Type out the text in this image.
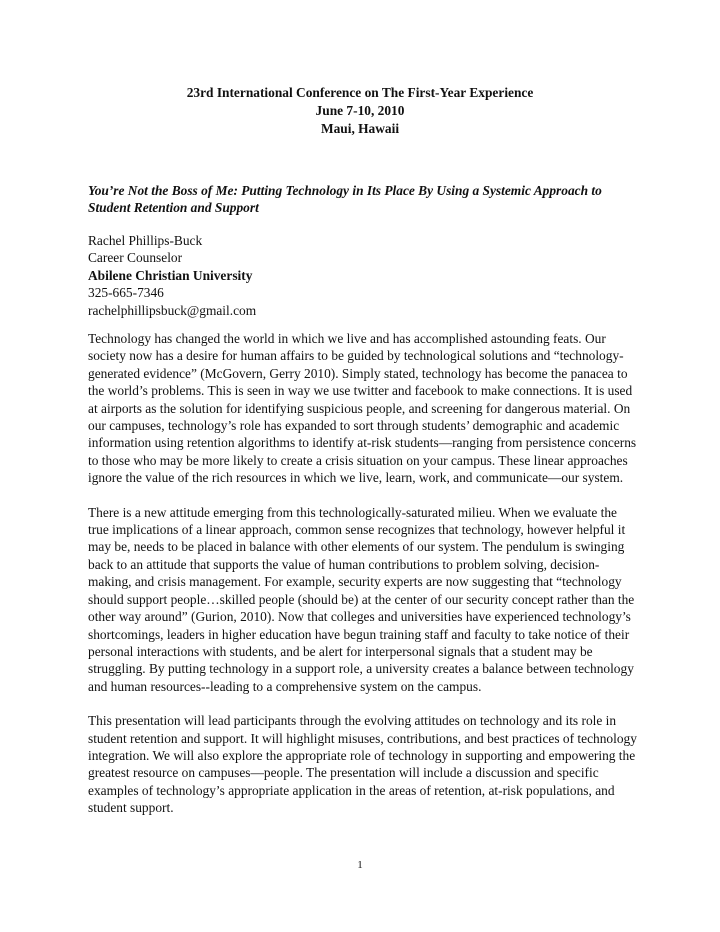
23rd International Conference on The First-Year Experience
June 7-10, 2010
Maui, Hawaii
You’re Not the Boss of Me: Putting Technology in Its Place By Using a Systemic Approach to Student Retention and Support
Rachel Phillips-Buck
Career Counselor
Abilene Christian University
325-665-7346
rachelphillipsbuck@gmail.com

Technology has changed the world in which we live and has accomplished astounding feats. Our society now has a desire for human affairs to be guided by technological solutions and “technology-generated evidence” (McGovern, Gerry 2010). Simply stated, technology has become the panacea to the world’s problems. This is seen in way we use twitter and facebook to make connections. It is used at airports as the solution for identifying suspicious people, and screening for dangerous material. On our campuses, technology’s role has expanded to sort through students’ demographic and academic information using retention algorithms to identify at-risk students—ranging from persistence concerns to those who may be more likely to create a crisis situation on your campus. These linear approaches ignore the value of the rich resources in which we live, learn, work, and communicate—our system.

There is a new attitude emerging from this technologically-saturated milieu. When we evaluate the true implications of a linear approach, common sense recognizes that technology, however helpful it may be, needs to be placed in balance with other elements of our system. The pendulum is swinging back to an attitude that supports the value of human contributions to problem solving, decision-making, and crisis management. For example, security experts are now suggesting that “technology should support people…skilled people (should be) at the center of our security concept rather than the other way around” (Gurion, 2010). Now that colleges and universities have experienced technology’s shortcomings, leaders in higher education have begun training staff and faculty to take notice of their personal interactions with students, and be alert for interpersonal signals that a student may be struggling. By putting technology in a support role, a university creates a balance between technology and human resources--leading to a comprehensive system on the campus.

This presentation will lead participants through the evolving attitudes on technology and its role in student retention and support. It will highlight misuses, contributions, and best practices of technology integration. We will also explore the appropriate role of technology in supporting and empowering the greatest resource on campuses—people. The presentation will include a discussion and specific examples of technology’s appropriate application in the areas of retention, at-risk populations, and student support.

1
